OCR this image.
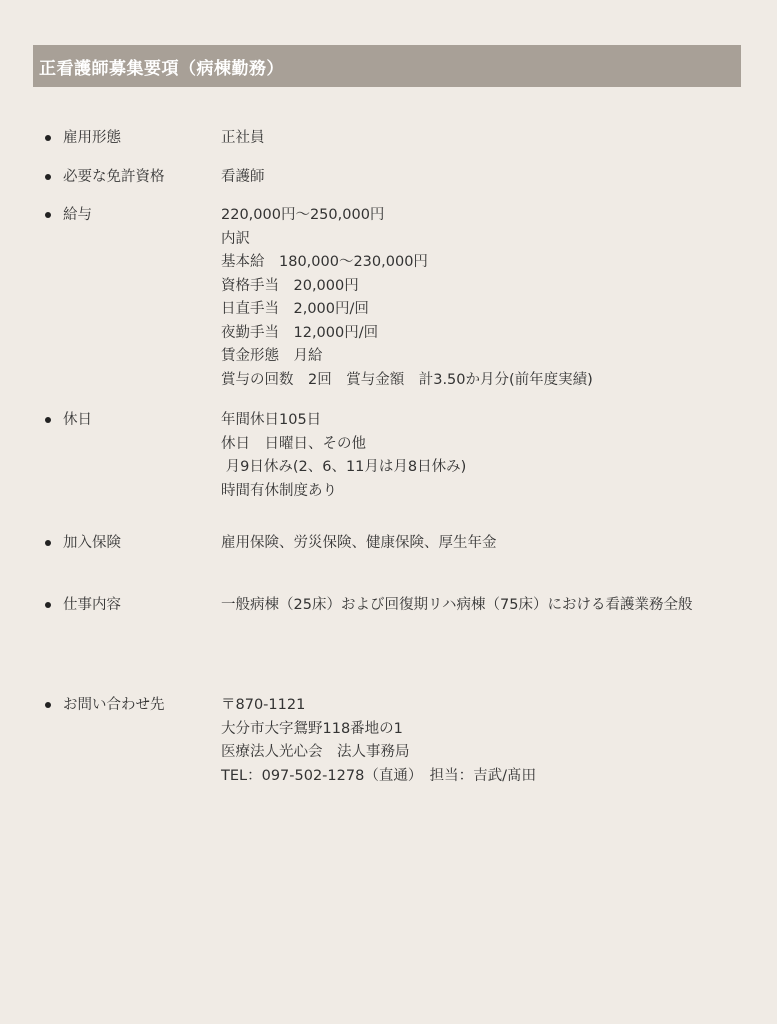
正看護師募集要項（病棟勤務）
雇用形態	正社員
必要な免許資格	看護師
給与	220,000円～250,000円
内訳
基本給　180,000～230,000円
資格手当　20,000円
日直手当　2,000円/回
夜勤手当　12,000円/回
賃金形態　月給
賞与の回数　2回　賞与金額　計3.50か月分(前年度実績)
休日	年間休日105日
休日　日曜日、その他
月9日休み(2、6、11月は月8日休み)
時間有休制度あり
加入保険	雇用保険、労災保険、健康保険、厚生年金
仕事内容	一般病棟（25床）および回復期リハ病棟（75床）における看護業務全般
お問い合わせ先	〒870-1121
大分市大字鴛野118番地の1
医療法人光心会　法人事務局
TEL：097-502-1278（直通）　担当：吉武/髙田
